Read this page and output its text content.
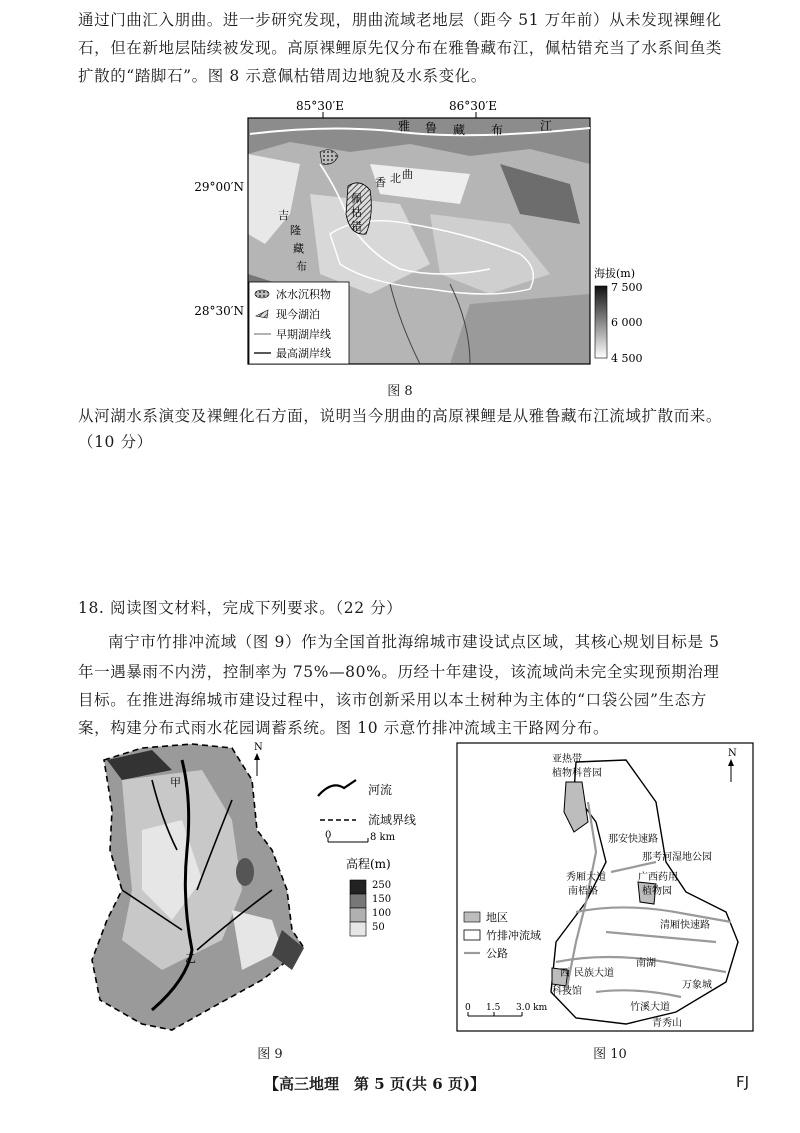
通过门曲汇入朋曲。进一步研究发现，朋曲流域老地层（距今 51 万年前）从未发现裸鲤化
石，但在新地层陆续被发现。高原裸鲤原先仅分布在雅鲁藏布江，佩枯错充当了水系间鱼类
扩散的“踏脚石”。图 8 示意佩枯错周边地貌及水系变化。
85°30′E	86°30′E
雅 鲁 藏 布	江
香 北 曲
吉
隆
藏
布
佩
枯
错
29°00′N
28°30′N
冰水沉积物
现今湖泊
早期湖岸线
最高湖岸线
海拔(m)
7 500
6 000
4 500
图 8
从河湖水系演变及裸鲤化石方面，说明当今朋曲的高原裸鲤是从雅鲁藏布江流域扩散而来。
（10 分）
18. 阅读图文材料，完成下列要求。（22 分）
南宁市竹排冲流域（图 9）作为全国首批海绵城市建设试点区域，其核心规划目标是 5
年一遇暴雨不内涝，控制率为 75%—80%。历经十年建设，该流域尚未完全实现预期治理
目标。在推进海绵城市建设过程中，该市创新采用以本土树种为主体的“口袋公园”生态方
案，构建分布式雨水花园调蓄系统。图 10 示意竹排冲流域主干路网分布。
甲
乙
N
河流
流域界线
0	8 km
高程(m)
250
150
100
50
图 9
N
亚热带
植物科普园
那安快速路
那考河湿地公园
秀厢大道
南梧路
广西药用
植物园
清厢快速路
西 民族大道
南湖
科技馆
青秀山
竹溪大道
万象城
地区
竹排冲流域
公路
0 1.5 3.0 km
图 10
【高三地理　第 5 页(共 6 页)】	FJ
